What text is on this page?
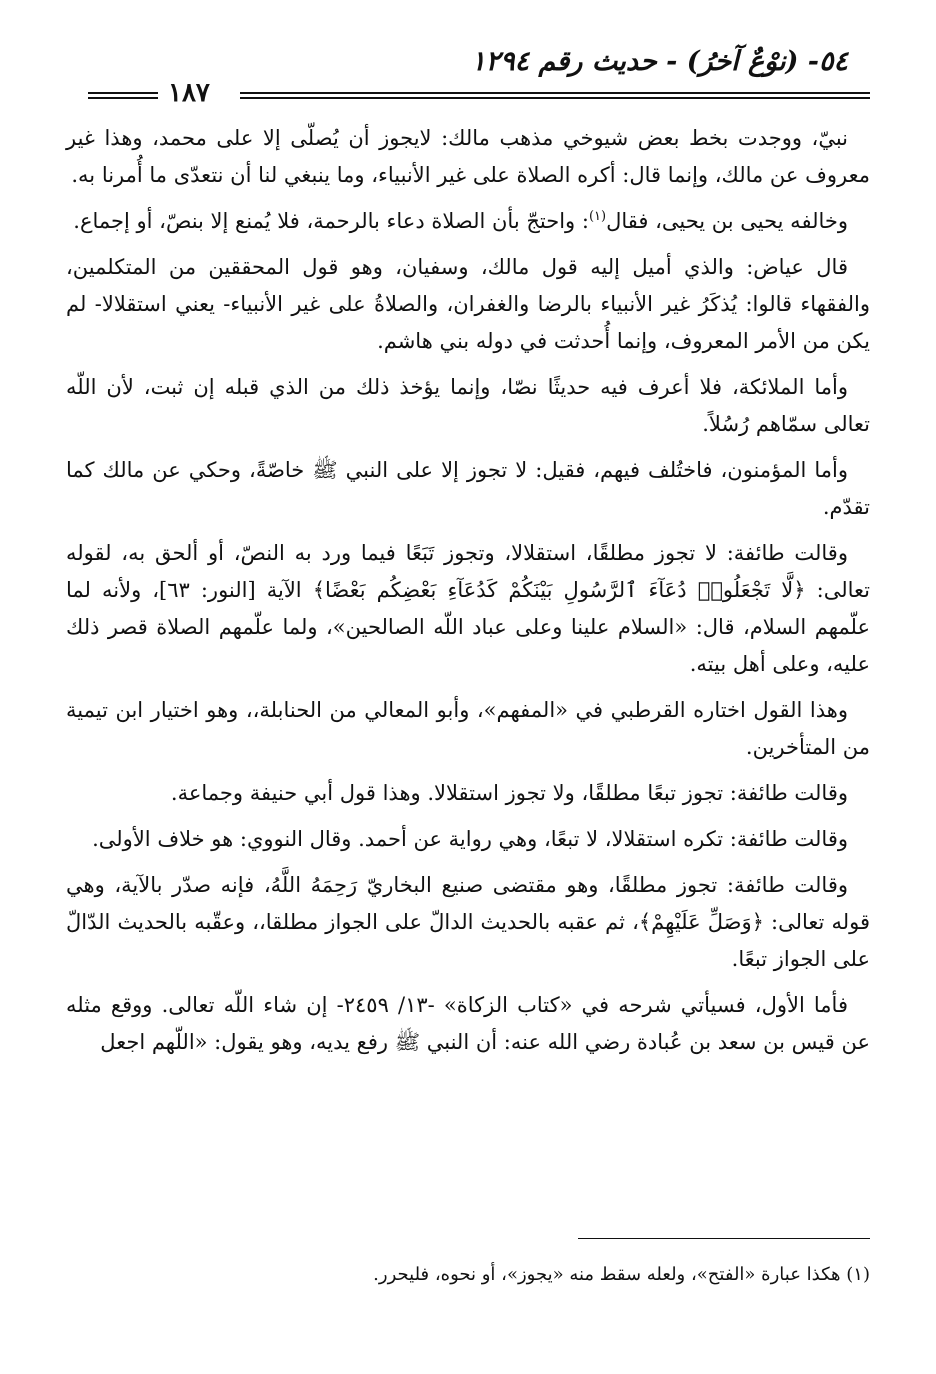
٥٤- (نوْعٌ آخرُ) - حديث رقم ١٢٩٤
١٨٧

نبيّ، ووجدت بخط بعض شيوخي مذهب مالك: لايجوز أن يُصلّى إلا على محمد، وهذا غير معروف عن مالك، وإنما قال: أكره الصلاة على غير الأنبياء، وما ينبغي لنا أن نتعدّى ما أُمرنا به.

وخالفه يحيى بن يحيى، فقال$^{(١)}$: واحتجّ بأن الصلاة دعاء بالرحمة، فلا يُمنع إلا بنصّ، أو إجماع.

قال عياض: والذي أميل إليه قول مالك، وسفيان، وهو قول المحققين من المتكلمين، والفقهاء قالوا: يُذكَرُ غير الأنبياء بالرضا والغفران، والصلاةُ على غير الأنبياء- يعني استقلالا- لم يكن من الأمر المعروف، وإنما أُحدثت في دوله بني هاشم.

وأما الملائكة، فلا أعرف فيه حديثًا نصّا، وإنما يؤخذ ذلك من الذي قبله إن ثبت، لأن اللّه تعالى سمّاهم رُسُلاً.

وأما المؤمنون، فاختُلف فيهم، فقيل: لا تجوز إلا على النبي ﷺ خاصّةً، وحكي عن مالك كما تقدّم.

وقالت طائفة: لا تجوز مطلقًا، استقلالا، وتجوز تَبَعًا فيما ورد به النصّ، أو ألحق به، لقوله تعالى: ﴿لَّا تَجْعَلُوا۟ دُعَآءَ ٱلرَّسُولِ بَيْنَكُمْ كَدُعَآءِ بَعْضِكُم بَعْضًا﴾ الآية [النور: ٦٣]، ولأنه لما علّمهم السلام، قال: «السلام علينا وعلى عباد اللّه الصالحين»، ولما علّمهم الصلاة قصر ذلك عليه، وعلى أهل بيته.

وهذا القول اختاره القرطبي في «المفهم»، وأبو المعالي من الحنابلة،، وهو اختيار ابن تيمية من المتأخرين.

وقالت طائفة: تجوز تبعًا مطلقًا، ولا تجوز استقلالا. وهذا قول أبي حنيفة وجماعة.

وقالت طائفة: تكره استقلالا، لا تبعًا، وهي رواية عن أحمد. وقال النووي: هو خلاف الأولى.

وقالت طائفة: تجوز مطلقًا، وهو مقتضى صنيع البخاريّ رَحِمَهُ اللَّهُ، فإنه صدّر بالآية، وهي قوله تعالى: ﴿وَصَلِّ عَلَيْهِمْ﴾، ثم عقبه بالحديث الدالّ على الجواز مطلقا،، وعقّبه بالحديث الدّالّ على الجواز تبعًا.

فأما الأول، فسيأتي شرحه في «كتاب الزكاة» -١٣/ ٢٤٥٩- إن شاء اللّه تعالى. ووقع مثله عن قيس بن سعد بن عُبادة رضي الله عنه: أن النبي ﷺ رفع يديه، وهو يقول: «اللّهم اجعل

(١) هكذا عبارة «الفتح»، ولعله سقط منه «يجوز»، أو نحوه، فليحرر.
